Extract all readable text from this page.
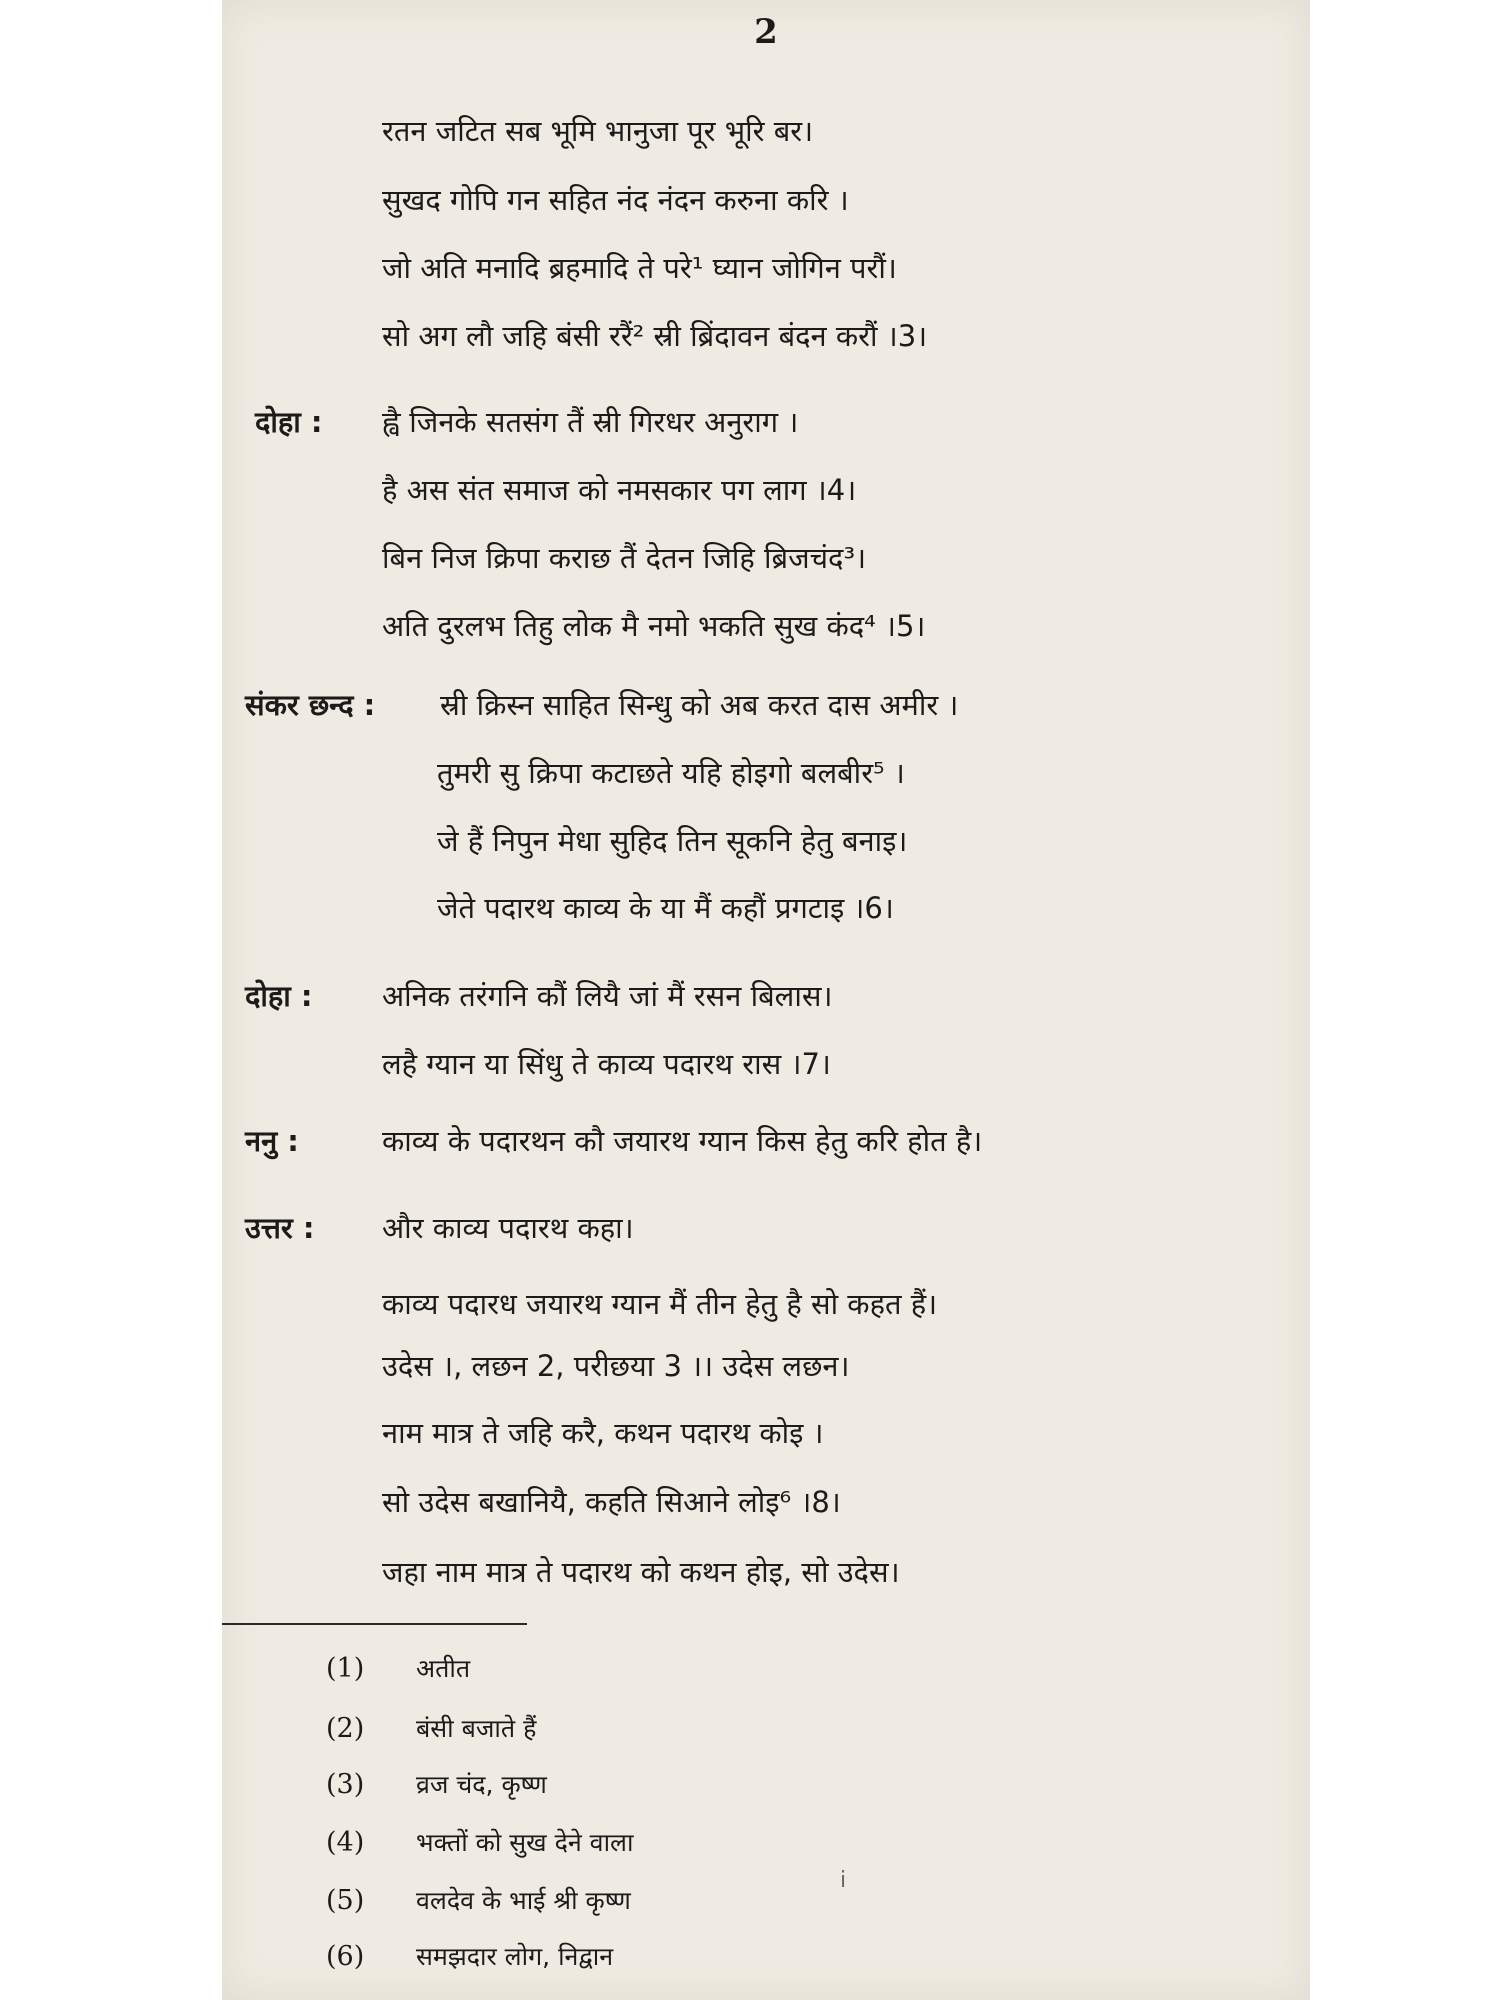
2
रतन जटित सब भूमि भानुजा पूर भूरि बर।
सुखद गोपि गन सहित नंद नंदन करुना करि ।
जो अति मनादि ब्रहमादि ते परे¹ घ्यान जोगिन परौं।
सो अग लौ जहि बंसी ररैं² स्री ब्रिंदावन बंदन करौं ।3।
दोहा : ह्वै जिनके सतसंग तैं स्री गिरधर अनुराग ।
है अस संत समाज को नमसकार पग लाग ।4।
बिन निज क्रिपा कराछ तैं देतन जिहि ब्रिजचंद³।
अति दुरलभ तिहु लोक मै नमो भकति सुख कंद⁴ ।5।
संकर छन्द : स्री क्रिस्न साहित सिन्धु को अब करत दास अमीर ।
तुमरी सु क्रिपा कटाछते यहि होइगो बलबीर⁵ ।
जे हैं निपुन मेधा सुहिद तिन सूकनि हेतु बनाइ।
जेते पदारथ काव्य के या मैं कहौं प्रगटाइ ।6।
दोहा : अनिक तरंगनि कौं लियै जां मैं रसन बिलास।
लहै ग्यान या सिंधु ते काव्य पदारथ रास ।7।
ननु :	काव्य के पदारथन कौ जयारथ ग्यान किस हेतु करि होत है।
उत्तर : और काव्य पदारथ कहा।
काव्य पदारध जयारथ ग्यान मैं तीन हेतु है सो कहत हैं।
उदेस ।, लछन 2, परीछया 3 ।। उदेस लछन।
नाम मात्र ते जहि करै, कथन पदारथ कोइ ।
सो उदेस बखानियै, कहति सिआने लोइ⁶ ।8।
जहा नाम मात्र ते पदारथ को कथन होइ, सो उदेस।
(1) अतीत
(2) बंसी बजाते हैं
(3) व्रज चंद, कृष्ण
(4) भक्तों को सुख देने वाला
(5) वलदेव के भाई श्री कृष्ण
(6) समझदार लोग, निद्वान
i
